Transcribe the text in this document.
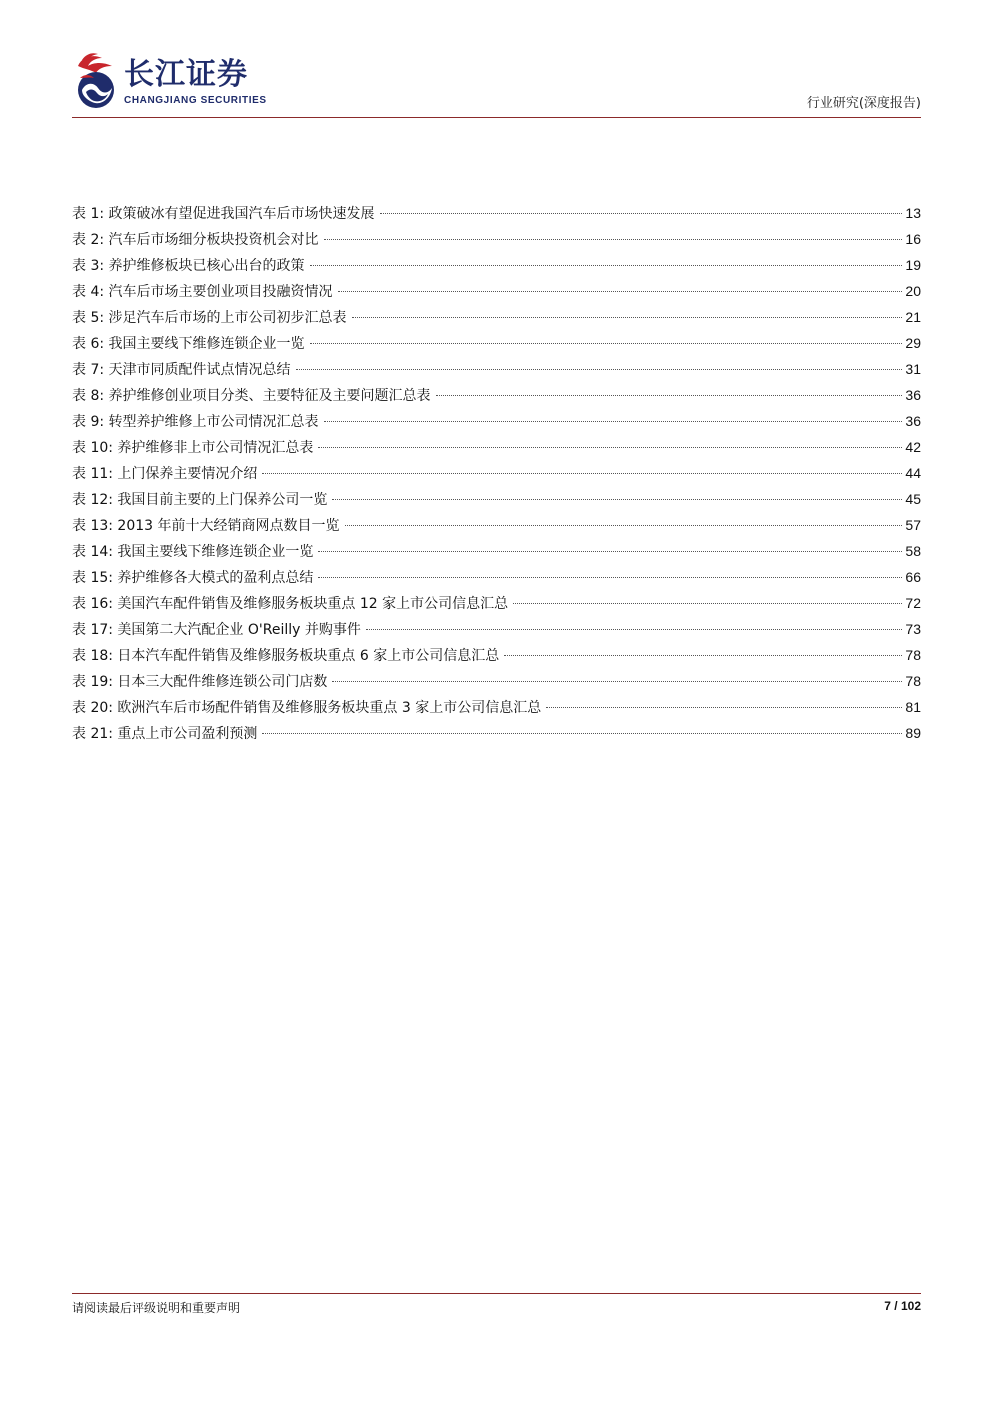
长江证券
CHANGJIANG SECURITIES	行业研究(深度报告)
表 1: 政策破冰有望促进我国汽车后市场快速发展	13
表 2: 汽车后市场细分板块投资机会对比	16
表 3: 养护维修板块已核心出台的政策	19
表 4: 汽车后市场主要创业项目投融资情况	20
表 5: 涉足汽车后市场的上市公司初步汇总表	21
表 6: 我国主要线下维修连锁企业一览	29
表 7: 天津市同质配件试点情况总结	31
表 8: 养护维修创业项目分类、主要特征及主要问题汇总表	36
表 9: 转型养护维修上市公司情况汇总表	36
表 10: 养护维修非上市公司情况汇总表	42
表 11: 上门保养主要情况介绍	44
表 12: 我国目前主要的上门保养公司一览	45
表 13: 2013 年前十大经销商网点数目一览	57
表 14: 我国主要线下维修连锁企业一览	58
表 15: 养护维修各大模式的盈利点总结	66
表 16: 美国汽车配件销售及维修服务板块重点 12 家上市公司信息汇总	72
表 17: 美国第二大汽配企业 O'Reilly 并购事件	73
表 18: 日本汽车配件销售及维修服务板块重点 6 家上市公司信息汇总	78
表 19: 日本三大配件维修连锁公司门店数	78
表 20: 欧洲汽车后市场配件销售及维修服务板块重点 3 家上市公司信息汇总	81
表 21: 重点上市公司盈利预测	89
请阅读最后评级说明和重要声明	7 / 102
